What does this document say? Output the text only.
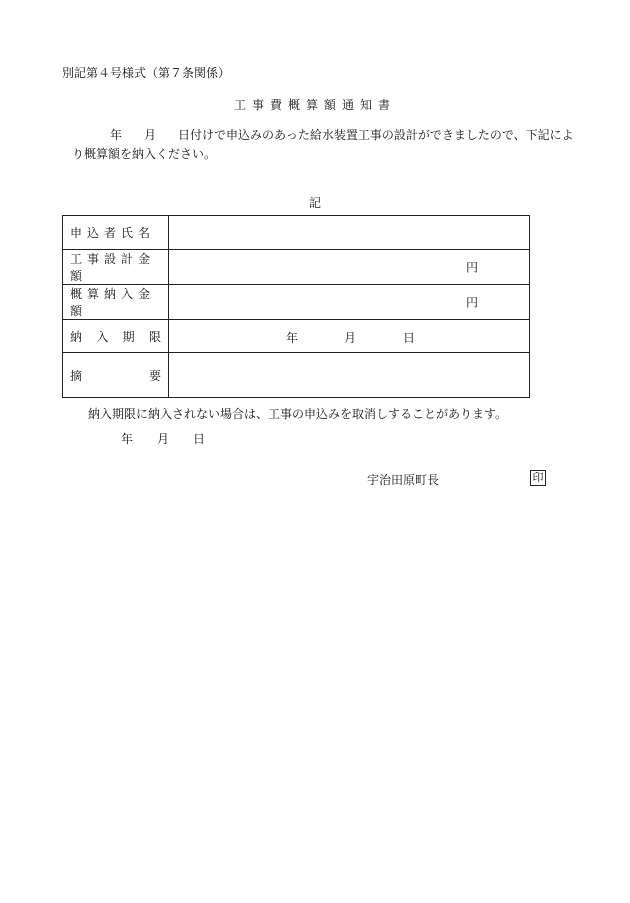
別記第４号様式（第７条関係）
工事費概算額通知書
年 月 日付けで申込みのあった給水装置工事の設計ができましたので、下記によ
り概算額を納入ください。
記
申込者氏名	

工事設計金額	円

概算納入金額	円

納 入 期 限	年 月 日

摘 要	

納入期限に納入されない場合は、工事の申込みを取消しすることがあります。
年 月 日
宇治田原町長	印
